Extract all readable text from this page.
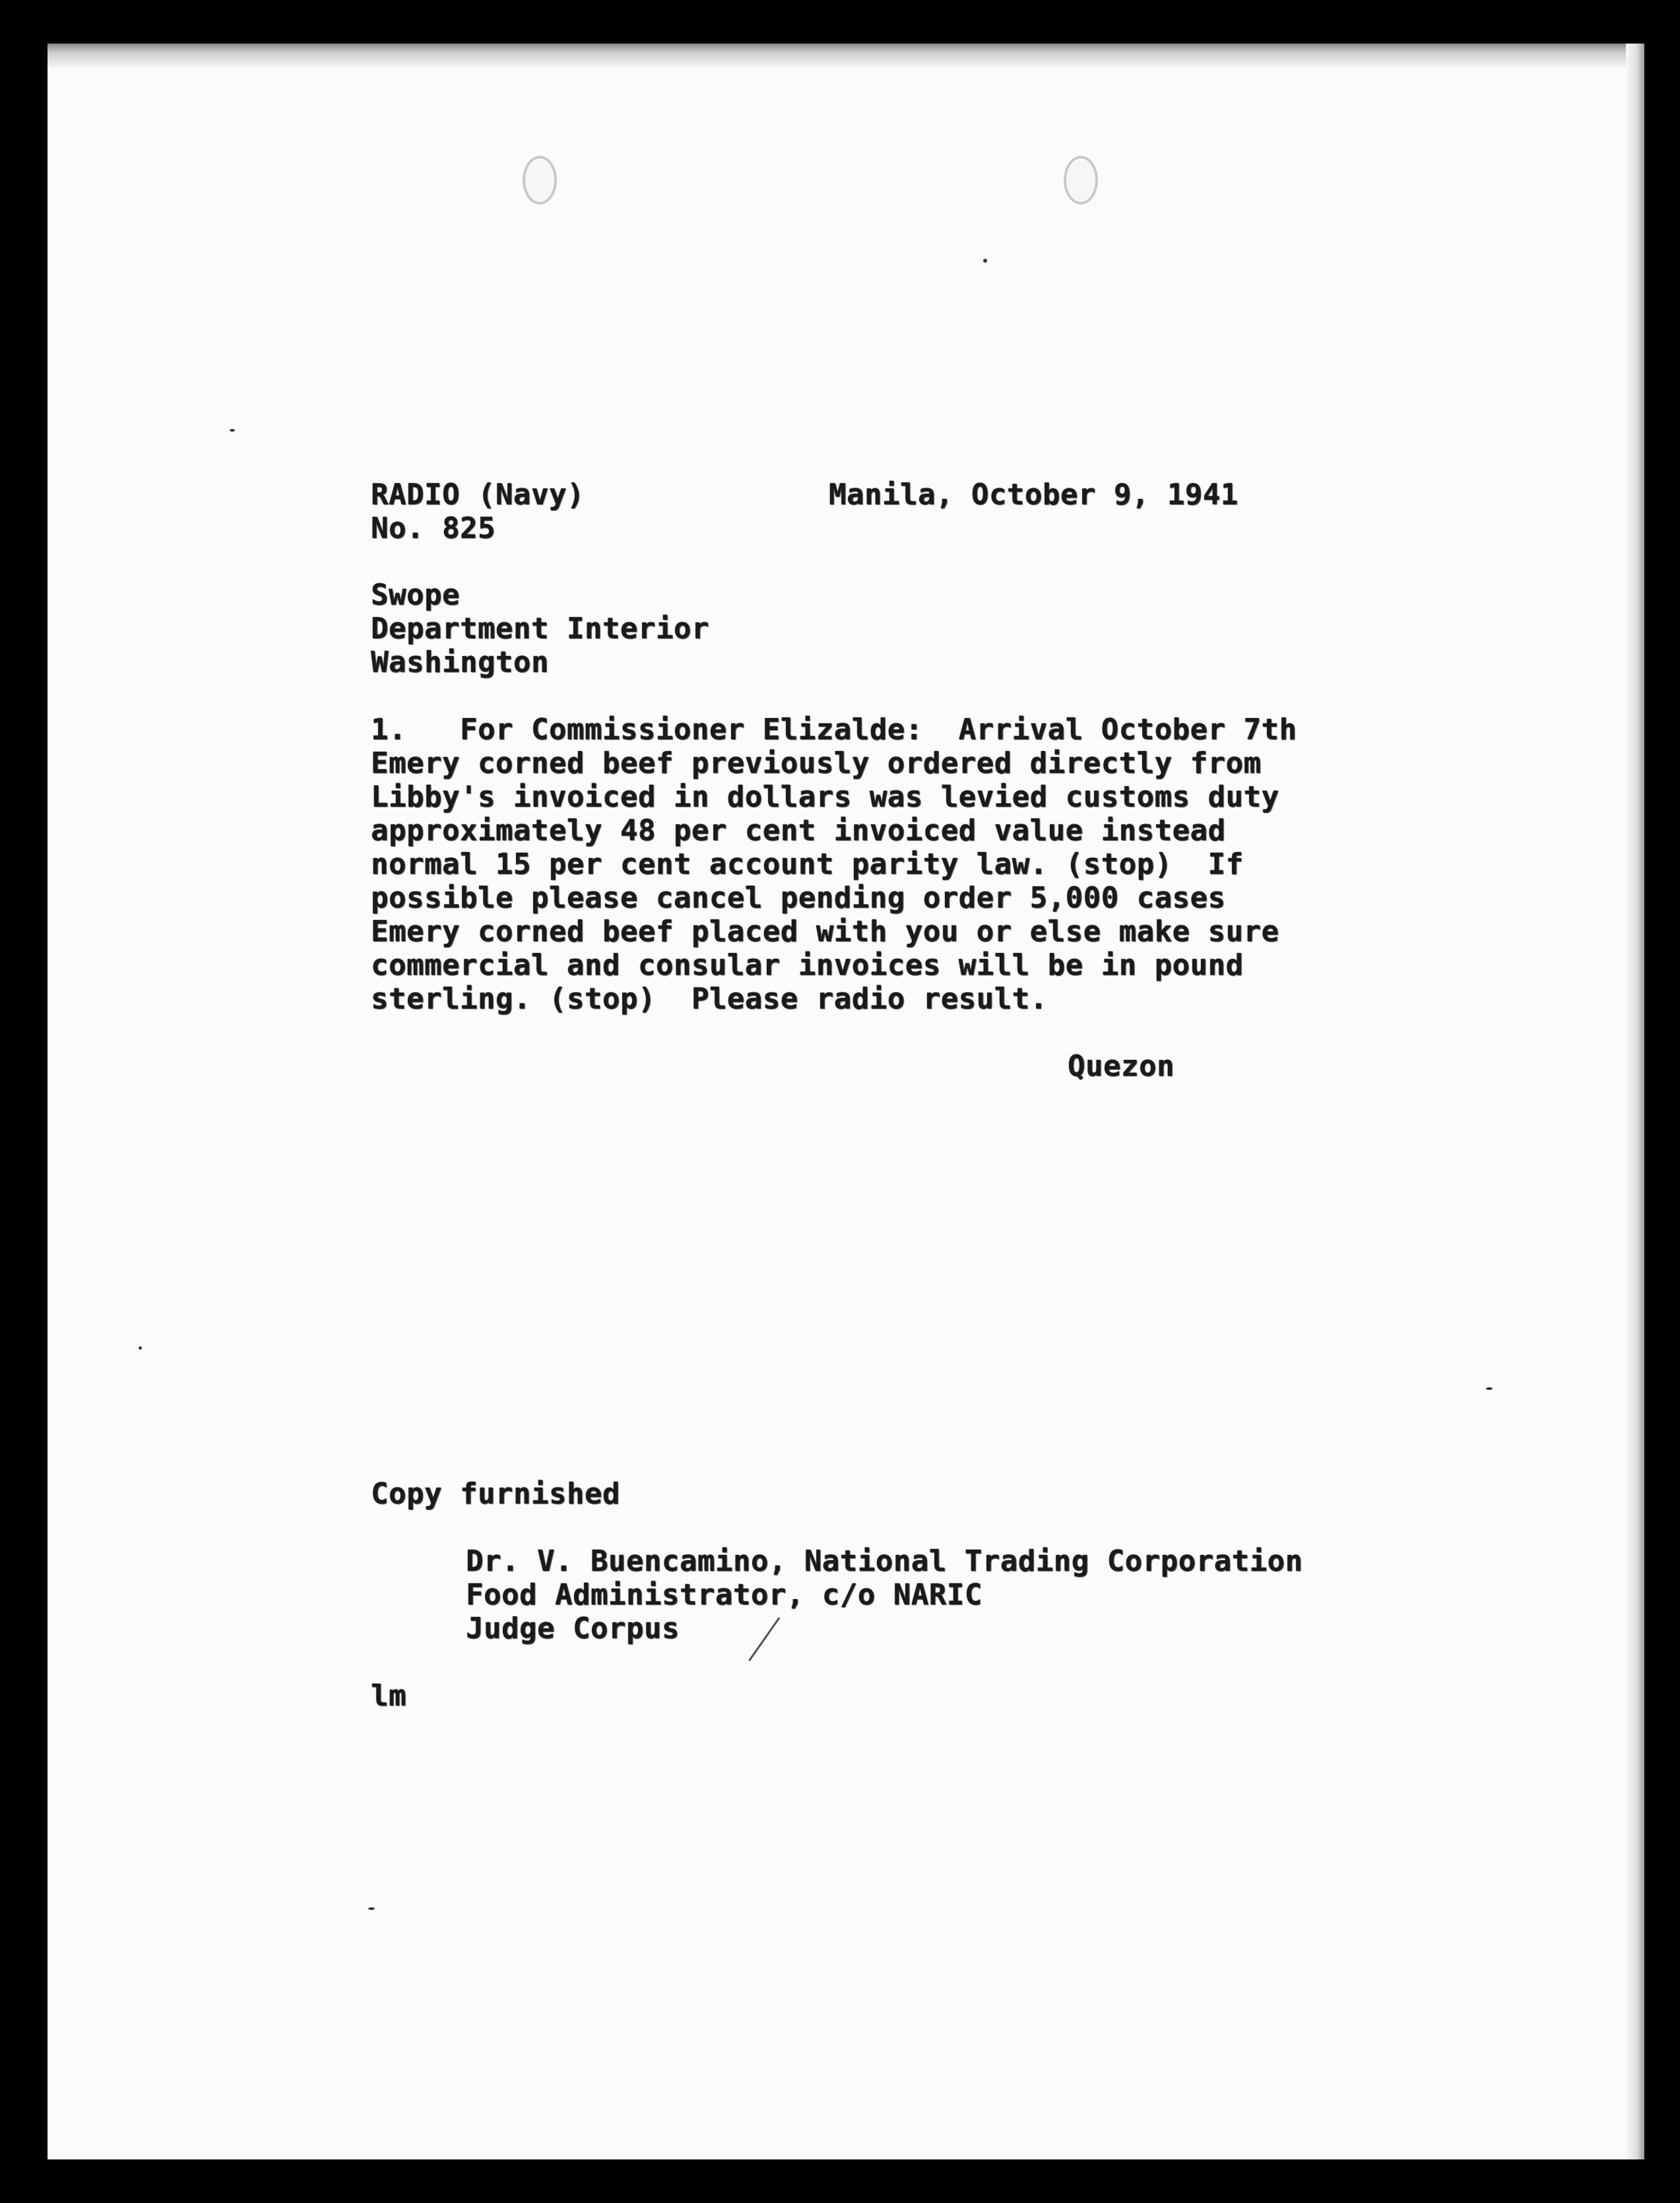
RADIO (Navy)	Manila, October 9, 1941
No. 825
Swope
Department Interior
Washington
1.   For Commissioner Elizalde:  Arrival October 7th
Emery corned beef previously ordered directly from
Libby's invoiced in dollars was levied customs duty
approximately 48 per cent invoiced value instead
normal 15 per cent account parity law. (stop)  If
possible please cancel pending order 5,000 cases
Emery corned beef placed with you or else make sure
commercial and consular invoices will be in pound
sterling. (stop)  Please radio result.
Quezon
Copy furnished
Dr. V. Buencamino, National Trading Corporation
Food Administrator, c/o NARIC
Judge Corpus
lm
